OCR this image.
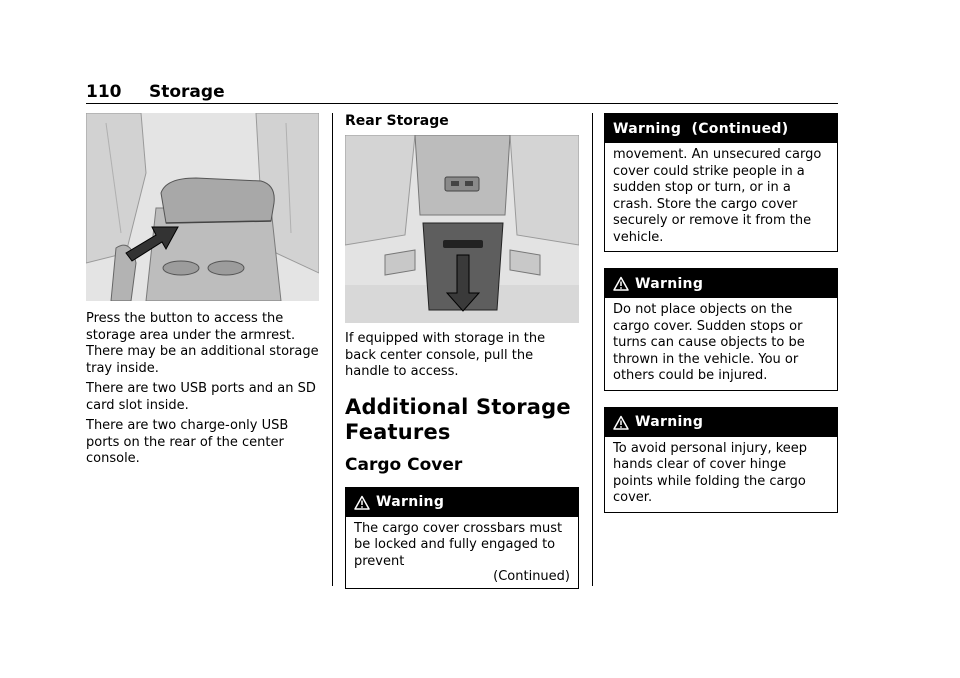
110 Storage

Press the button to access the storage area under the armrest. There may be an additional storage tray inside.

There are two USB ports and an SD card slot inside.

There are two charge-only USB ports on the rear of the center console.

Rear Storage

If equipped with storage in the back center console, pull the handle to access.

Additional Storage
Features
Cargo Cover
Warning
The cargo cover crossbars must be locked and fully engaged to prevent
(Continued)
Warning  (Continued)
movement. An unsecured cargo cover could strike people in a sudden stop or turn, or in a crash. Store the cargo cover securely or remove it from the vehicle.
Warning
Do not place objects on the cargo cover. Sudden stops or turns can cause objects to be thrown in the vehicle. You or others could be injured.
Warning
To avoid personal injury, keep hands clear of cover hinge points while folding the cargo cover.
